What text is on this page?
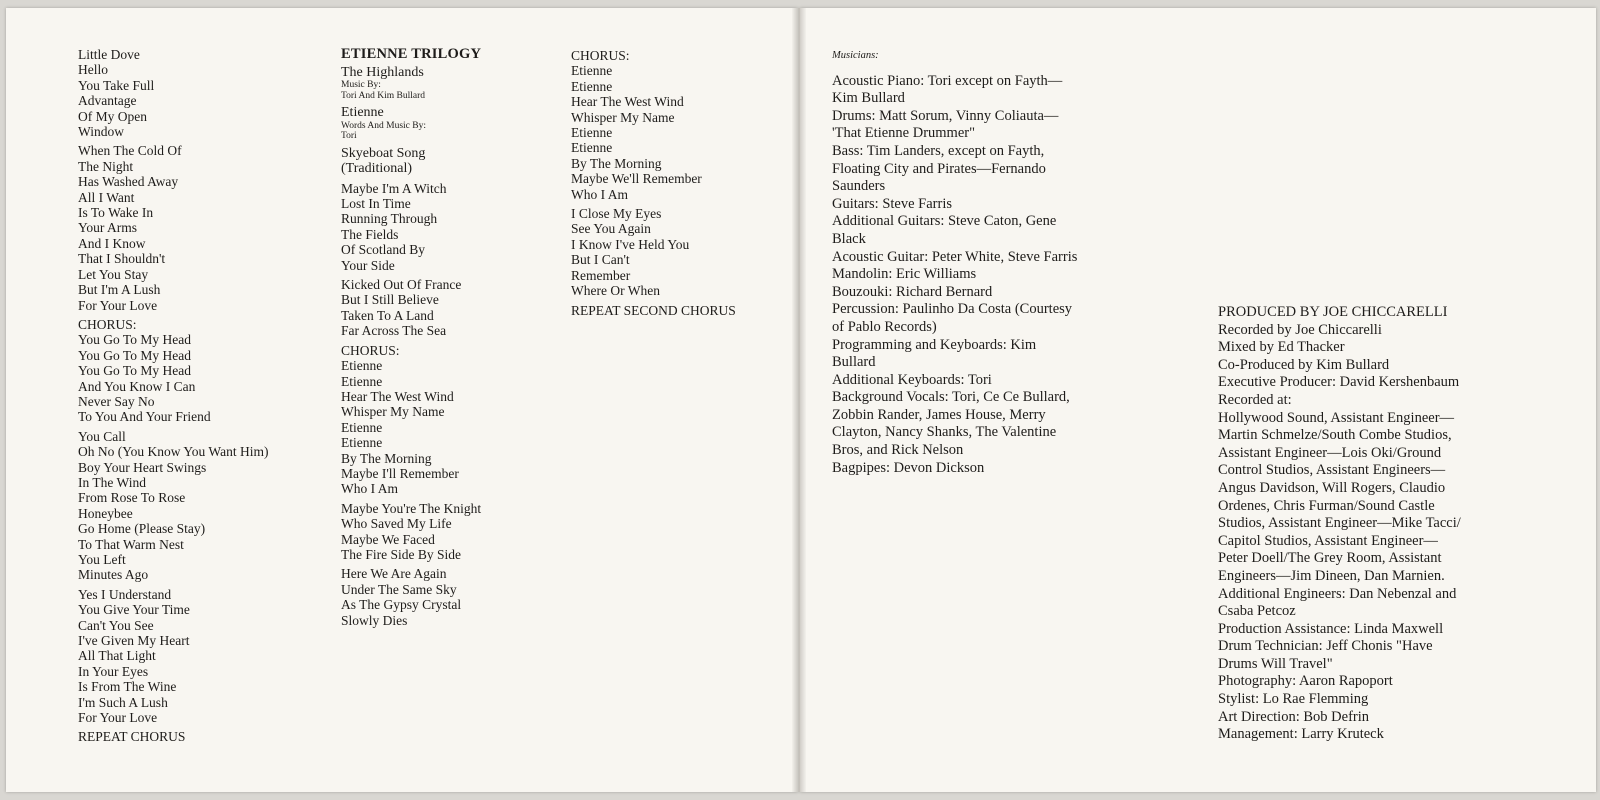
Little Dove
Hello
You Take Full
Advantage
Of My Open
Window
When The Cold Of
The Night
Has Washed Away
All I Want
Is To Wake In
Your Arms
And I Know
That I Shouldn't
Let You Stay
But I'm A Lush
For Your Love
CHORUS:
You Go To My Head
You Go To My Head
You Go To My Head
And You Know I Can
Never Say No
To You And Your Friend
You Call
Oh No (You Know You Want Him)
Boy Your Heart Swings
In The Wind
From Rose To Rose
Honeybee
Go Home (Please Stay)
To That Warm Nest
You Left
Minutes Ago
Yes I Understand
You Give Your Time
Can't You See
I've Given My Heart
All That Light
In Your Eyes
Is From The Wine
I'm Such A Lush
For Your Love
REPEAT CHORUS
ETIENNE TRILOGY
The Highlands
Music By:
Tori And Kim Bullard
Etienne
Words And Music By:
Tori
Skyeboat Song
(Traditional)
Maybe I'm A Witch
Lost In Time
Running Through
The Fields
Of Scotland By
Your Side
Kicked Out Of France
But I Still Believe
Taken To A Land
Far Across The Sea
CHORUS:
Etienne
Etienne
Hear The West Wind
Whisper My Name
Etienne
Etienne
By The Morning
Maybe I'll Remember
Who I Am
Maybe You're The Knight
Who Saved My Life
Maybe We Faced
The Fire Side By Side
Here We Are Again
Under The Same Sky
As The Gypsy Crystal
Slowly Dies
CHORUS:
Etienne
Etienne
Hear The West Wind
Whisper My Name
Etienne
Etienne
By The Morning
Maybe We'll Remember
Who I Am
I Close My Eyes
See You Again
I Know I've Held You
But I Can't
Remember
Where Or When
REPEAT SECOND CHORUS
Musicians:
Acoustic Piano: Tori except on Fayth—
Kim Bullard
Drums: Matt Sorum, Vinny Coliauta—
'That Etienne Drummer"
Bass: Tim Landers, except on Fayth,
Floating City and Pirates—Fernando
Saunders
Guitars: Steve Farris
Additional Guitars: Steve Caton, Gene
Black
Acoustic Guitar: Peter White, Steve Farris
Mandolin: Eric Williams
Bouzouki: Richard Bernard
Percussion: Paulinho Da Costa (Courtesy
of Pablo Records)
Programming and Keyboards: Kim
Bullard
Additional Keyboards: Tori
Background Vocals: Tori, Ce Ce Bullard,
Zobbin Rander, James House, Merry
Clayton, Nancy Shanks, The Valentine
Bros, and Rick Nelson
Bagpipes: Devon Dickson
PRODUCED BY JOE CHICCARELLI
Recorded by Joe Chiccarelli
Mixed by Ed Thacker
Co-Produced by Kim Bullard
Executive Producer: David Kershenbaum
Recorded at:
Hollywood Sound, Assistant Engineer—
Martin Schmelze/South Combe Studios,
Assistant Engineer—Lois Oki/Ground
Control Studios, Assistant Engineers—
Angus Davidson, Will Rogers, Claudio
Ordenes, Chris Furman/Sound Castle
Studios, Assistant Engineer—Mike Tacci/
Capitol Studios, Assistant Engineer—
Peter Doell/The Grey Room, Assistant
Engineers—Jim Dineen, Dan Marnien.
Additional Engineers: Dan Nebenzal and
Csaba Petcoz
Production Assistance: Linda Maxwell
Drum Technician: Jeff Chonis "Have
Drums Will Travel"
Photography: Aaron Rapoport
Stylist: Lo Rae Flemming
Art Direction: Bob Defrin
Management: Larry Kruteck
